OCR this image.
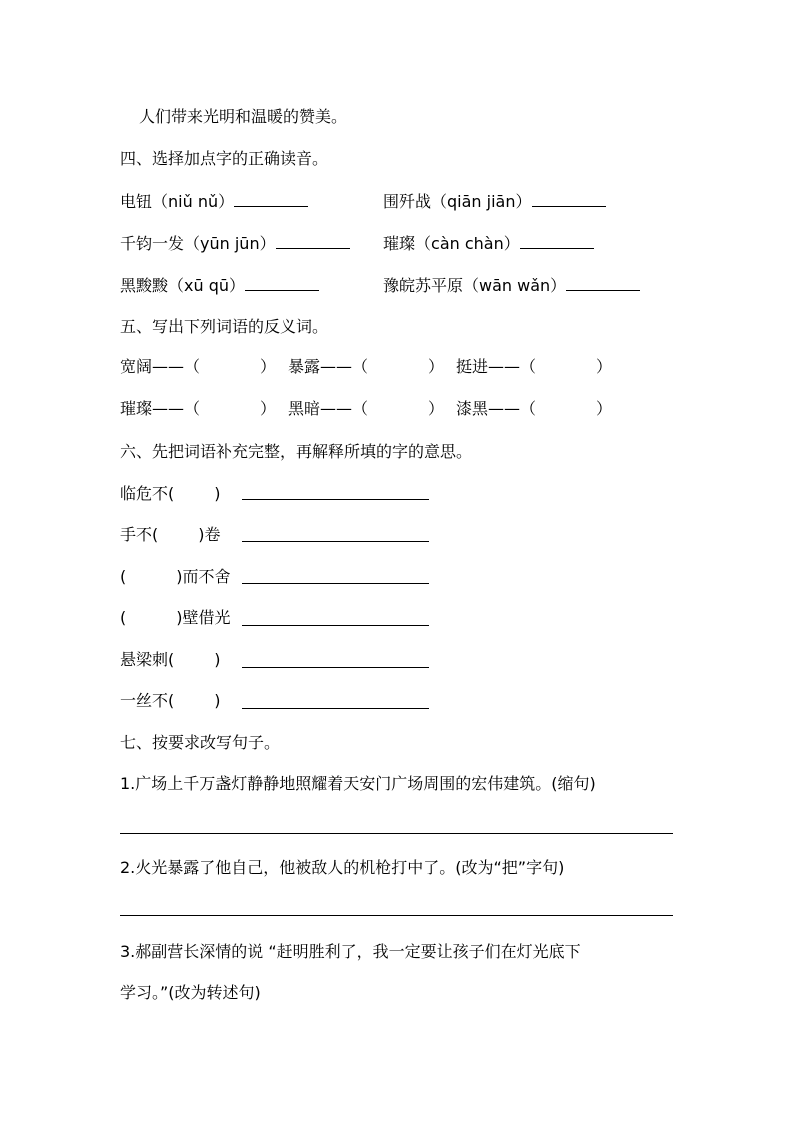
人们带来光明和温暖的赞美。
四、选择加点字的正确读音。
电钮（niǔ nǔ）	围歼战（qiān jiān）
千钧一发（yūn jūn）	璀璨（càn chàn）
黑黢黢（xū qū）	豫皖苏平原（wān wǎn）
五、写出下列词语的反义词。
宽阔——（	） 暴露——（	） 挺进——（	）
璀璨——（	） 黑暗——（	） 漆黑——（	）
六、先把词语补充完整，再解释所填的字的意思。
临危不(	)
手不(	)卷
(	)而不舍
(	)壁借光
悬梁刺(	)
一丝不(	)
七、按要求改写句子。
1.广场上千万盏灯静静地照耀着天安门广场周围的宏伟建筑。(缩句)
2.火光暴露了他自己，他被敌人的机枪打中了。(改为“把”字句)
3.郝副营长深情的说 “赶明胜利了，我一定要让孩子们在灯光底下
学习。”(改为转述句)
